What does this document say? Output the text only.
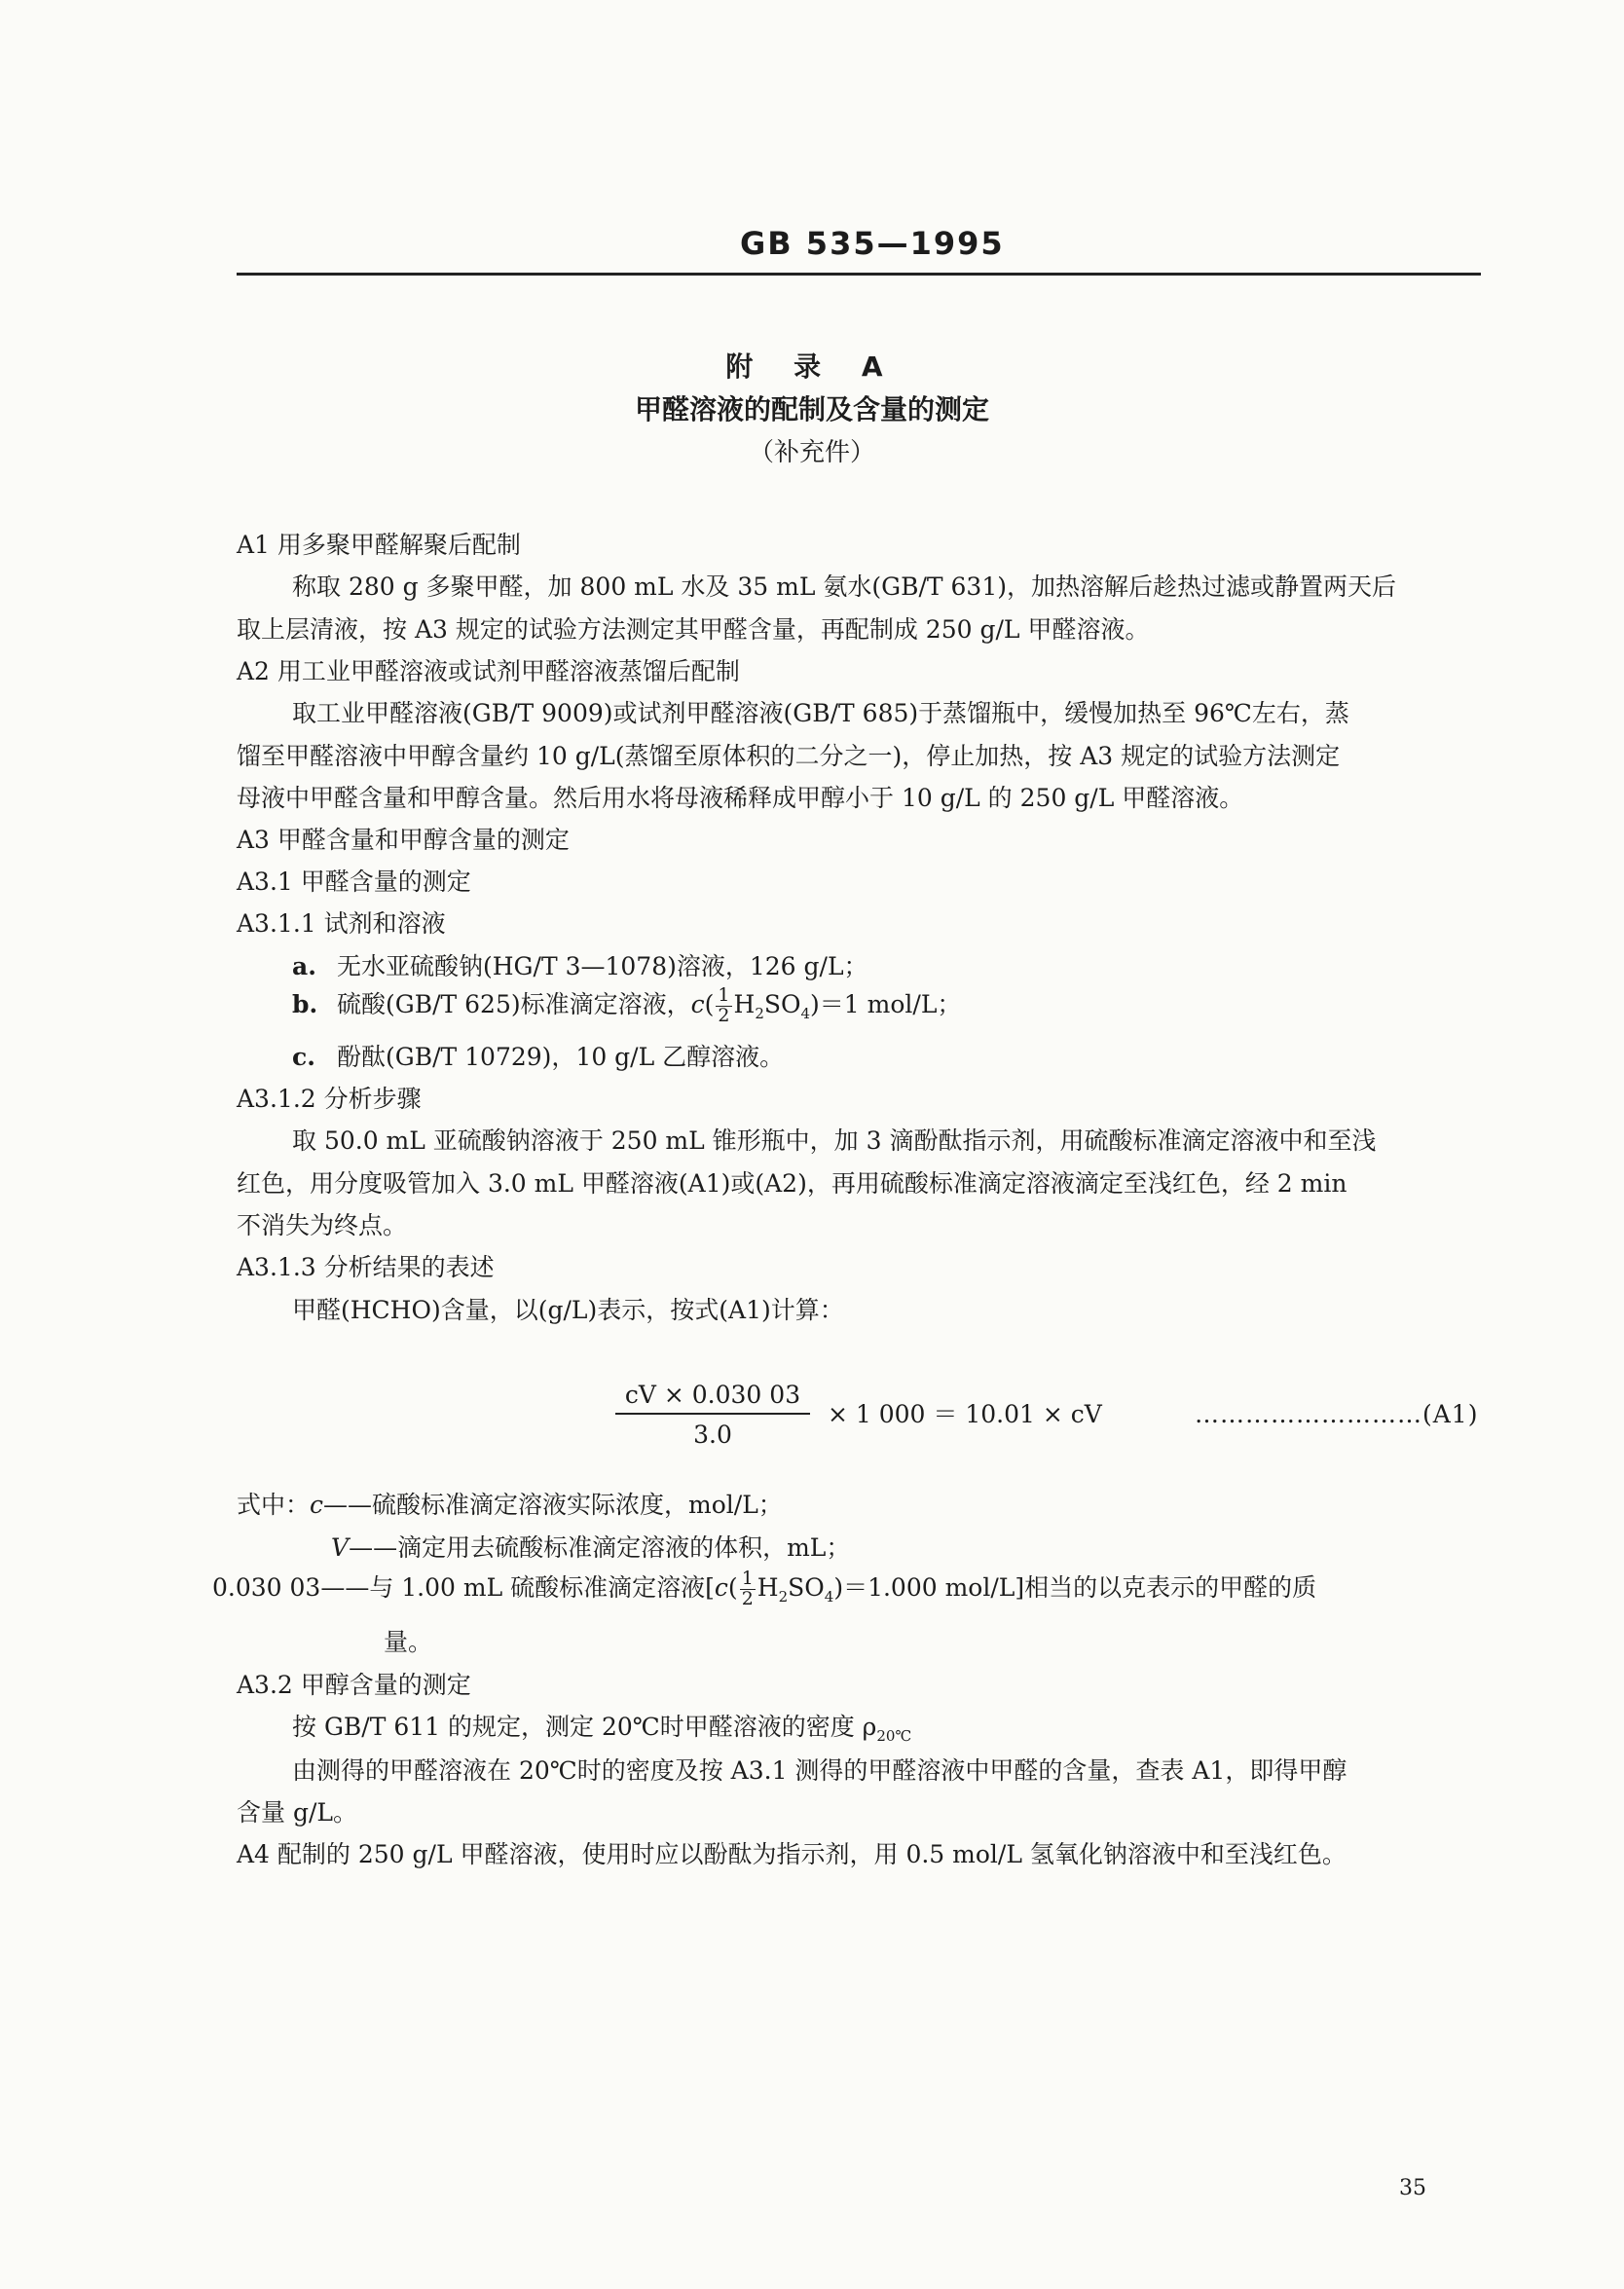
GB 535—1995
附 录 A
甲醛溶液的配制及含量的测定
（补充件）
A1 用多聚甲醛解聚后配制
称取 280 g 多聚甲醛，加 800 mL 水及 35 mL 氨水(GB/T 631)，加热溶解后趁热过滤或静置两天后
取上层清液，按 A3 规定的试验方法测定其甲醛含量，再配制成 250 g/L 甲醛溶液。
A2 用工业甲醛溶液或试剂甲醛溶液蒸馏后配制
取工业甲醛溶液(GB/T 9009)或试剂甲醛溶液(GB/T 685)于蒸馏瓶中，缓慢加热至 96℃左右，蒸
馏至甲醛溶液中甲醇含量约 10 g/L(蒸馏至原体积的二分之一)，停止加热，按 A3 规定的试验方法测定
母液中甲醛含量和甲醇含量。然后用水将母液稀释成甲醇小于 10 g/L 的 250 g/L 甲醛溶液。
A3 甲醛含量和甲醇含量的测定
A3.1 甲醛含量的测定
A3.1.1 试剂和溶液
a. 无水亚硫酸钠(HG/T 3—1078)溶液，126 g/L；
b. 硫酸(GB/T 625)标准滴定溶液，$c( \frac{1}{2} H_2SO_4)=1$ mol/L；
c. 酚酞(GB/T 10729)，10 g/L 乙醇溶液。
A3.1.2 分析步骤
取 50.0 mL 亚硫酸钠溶液于 250 mL 锥形瓶中，加 3 滴酚酞指示剂，用硫酸标准滴定溶液中和至浅
红色，用分度吸管加入 3.0 mL 甲醛溶液(A1)或(A2)，再用硫酸标准滴定溶液滴定至浅红色，经 2 min
不消失为终点。
A3.1.3 分析结果的表述
甲醛(HCHO)含量，以(g/L)表示，按式(A1)计算：
$\frac{cV \times 0.030 03}{3.0} \times 1$ 000 ＝ 10.01 × cV	………………………(A1)
式中：c——硫酸标准滴定溶液实际浓度，mol/L；
V——滴定用去硫酸标准滴定溶液的体积，mL；
0.030 03——与 1.00 mL 硫酸标准滴定溶液[$c( \frac{1}{2} H_2SO_4)=1.000$ mol/L]相当的以克表示的甲醛的质
量。
A3.2 甲醇含量的测定
按 GB/T 611 的规定，测定 20℃时甲醛溶液的密度 $\rho_{20℃}$
由测得的甲醛溶液在 20℃时的密度及按 A3.1 测得的甲醛溶液中甲醛的含量，查表 A1，即得甲醇
含量 g/L。
A4 配制的 250 g/L 甲醛溶液，使用时应以酚酞为指示剂，用 0.5 mol/L 氢氧化钠溶液中和至浅红色。
35
